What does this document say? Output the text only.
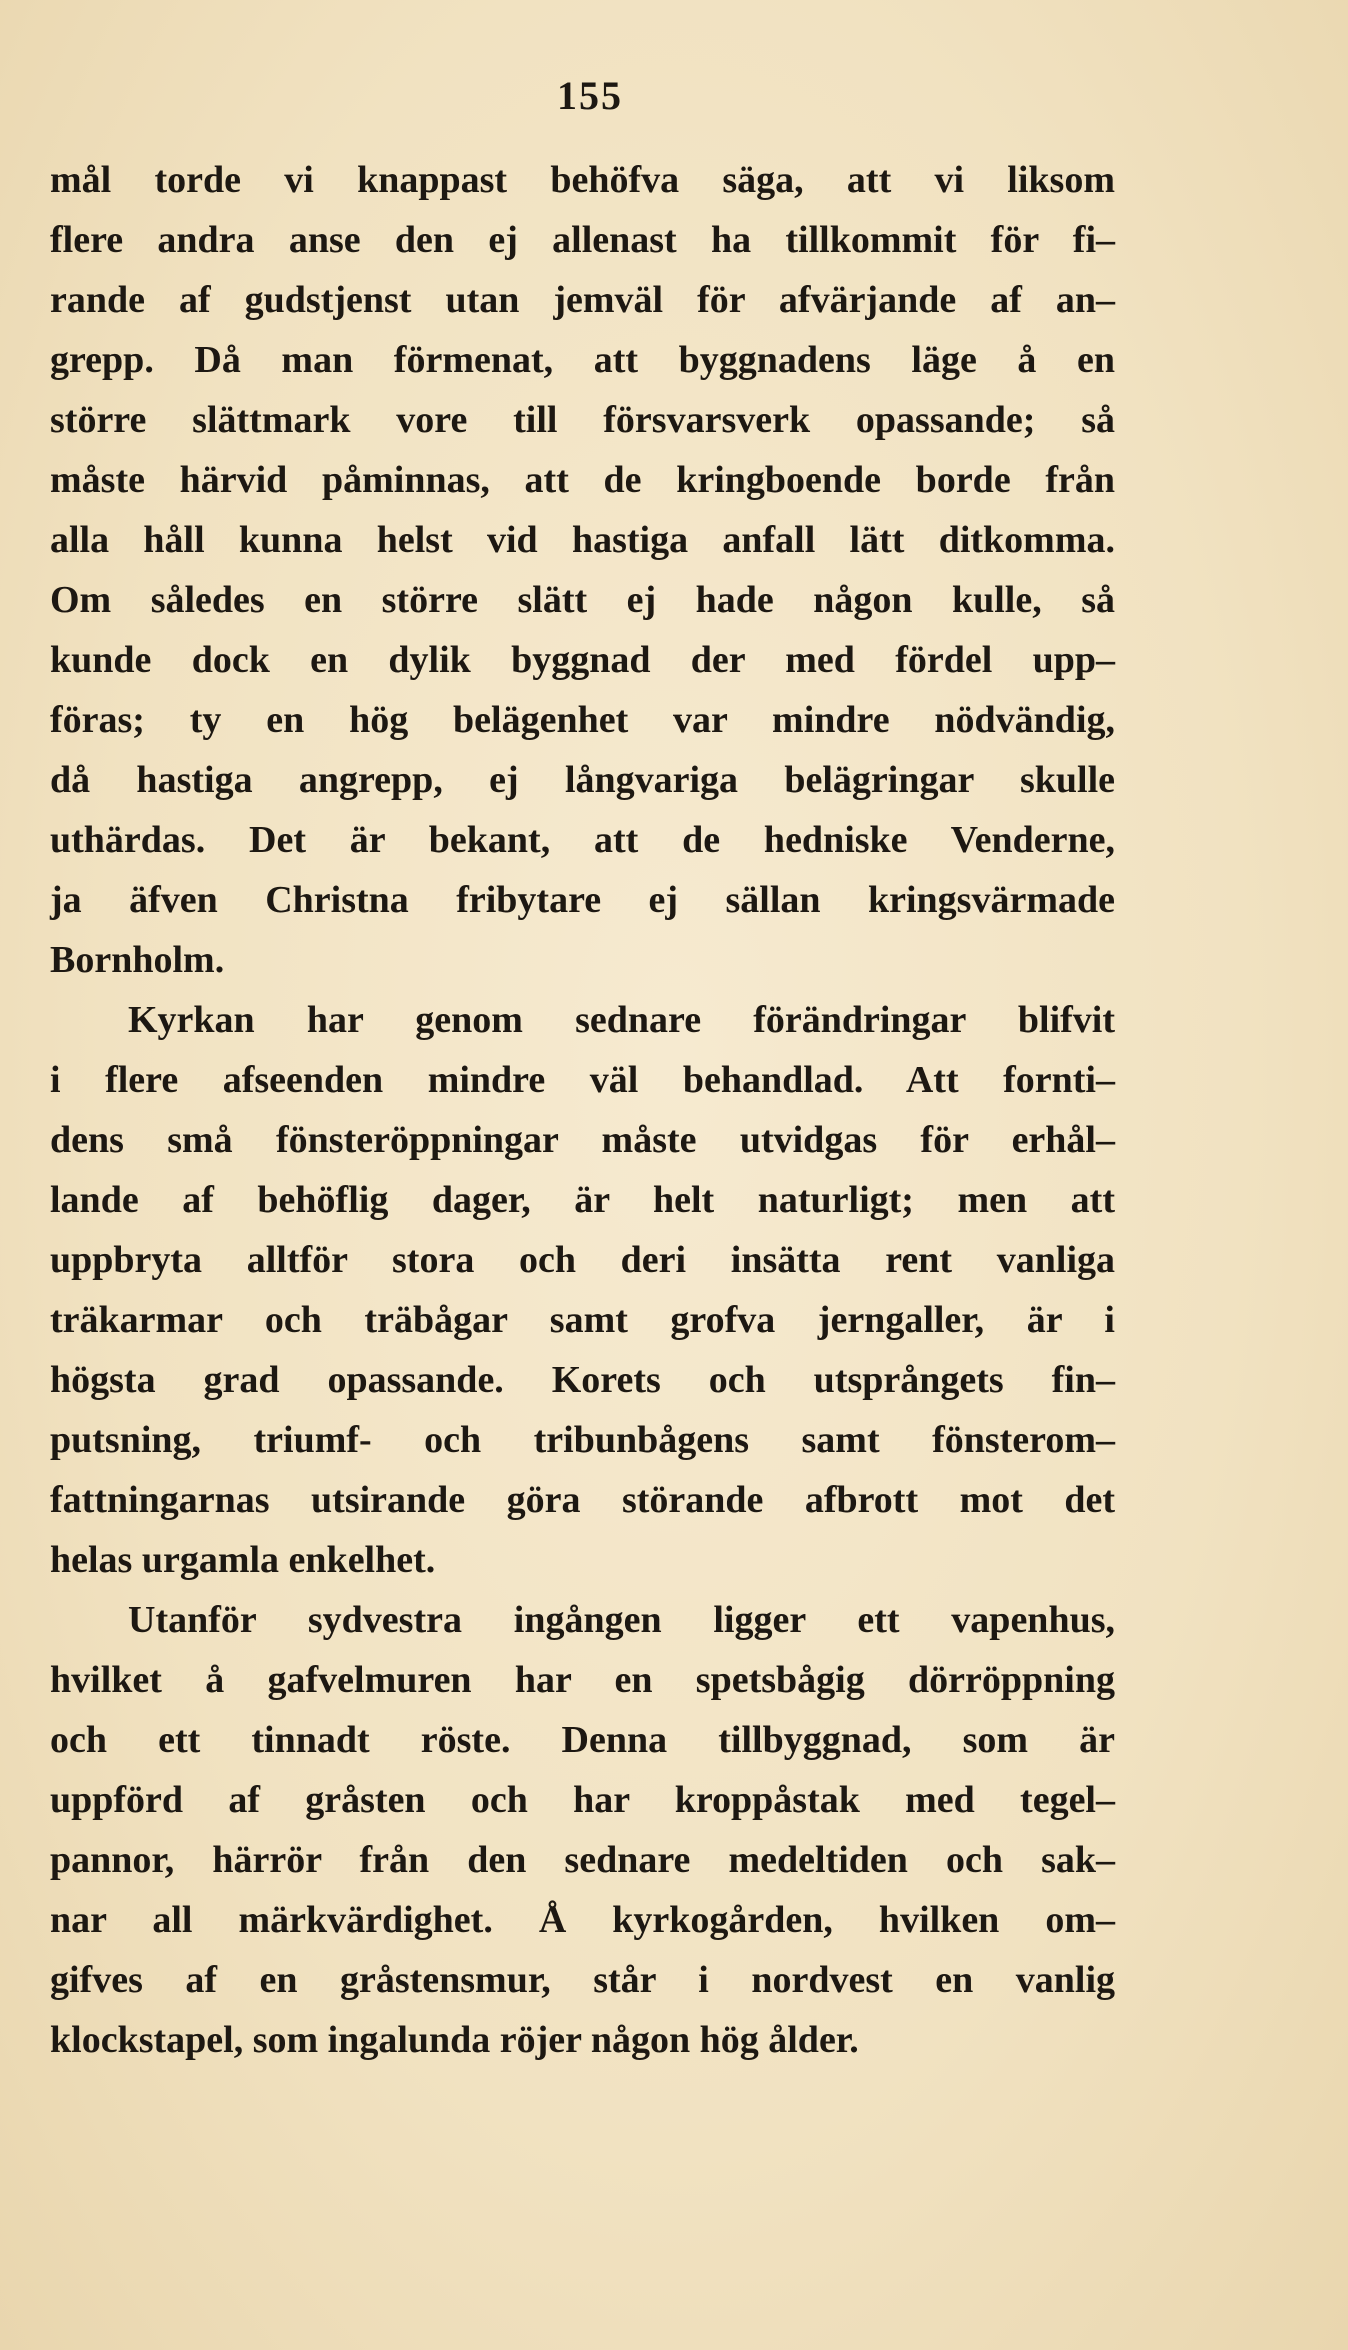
155
mål torde vi knappast behöfva säga, att vi liksom
flere andra anse den ej allenast ha tillkommit för fi–
rande af gudstjenst utan jemväl för afvärjande af an–
grepp. Då man förmenat, att byggnadens läge å en
större slättmark vore till försvarsverk opassande; så
måste härvid påminnas, att de kringboende borde från
alla håll kunna helst vid hastiga anfall lätt ditkomma.
Om således en större slätt ej hade någon kulle, så
kunde dock en dylik byggnad der med fördel upp–
föras; ty en hög belägenhet var mindre nödvändig,
då hastiga angrepp, ej långvariga belägringar skulle
uthärdas. Det är bekant, att de hedniske Venderne,
ja äfven Christna fribytare ej sällan kringsvärmade
Bornholm.
Kyrkan har genom sednare förändringar blifvit
i flere afseenden mindre väl behandlad. Att fornti–
dens små fönsteröppningar måste utvidgas för erhål–
lande af behöflig dager, är helt naturligt; men att
uppbryta alltför stora och deri insätta rent vanliga
träkarmar och träbågar samt grofva jerngaller, är i
högsta grad opassande. Korets och utsprångets fin–
putsning, triumf- och tribunbågens samt fönsterom–
fattningarnas utsirande göra störande afbrott mot det
helas urgamla enkelhet.
Utanför sydvestra ingången ligger ett vapenhus,
hvilket å gafvelmuren har en spetsbågig dörröppning
och ett tinnadt röste. Denna tillbyggnad, som är
uppförd af gråsten och har kroppåstak med tegel–
pannor, härrör från den sednare medeltiden och sak–
nar all märkvärdighet. Å kyrkogården, hvilken om–
gifves af en gråstensmur, står i nordvest en vanlig
klockstapel, som ingalunda röjer någon hög ålder.
